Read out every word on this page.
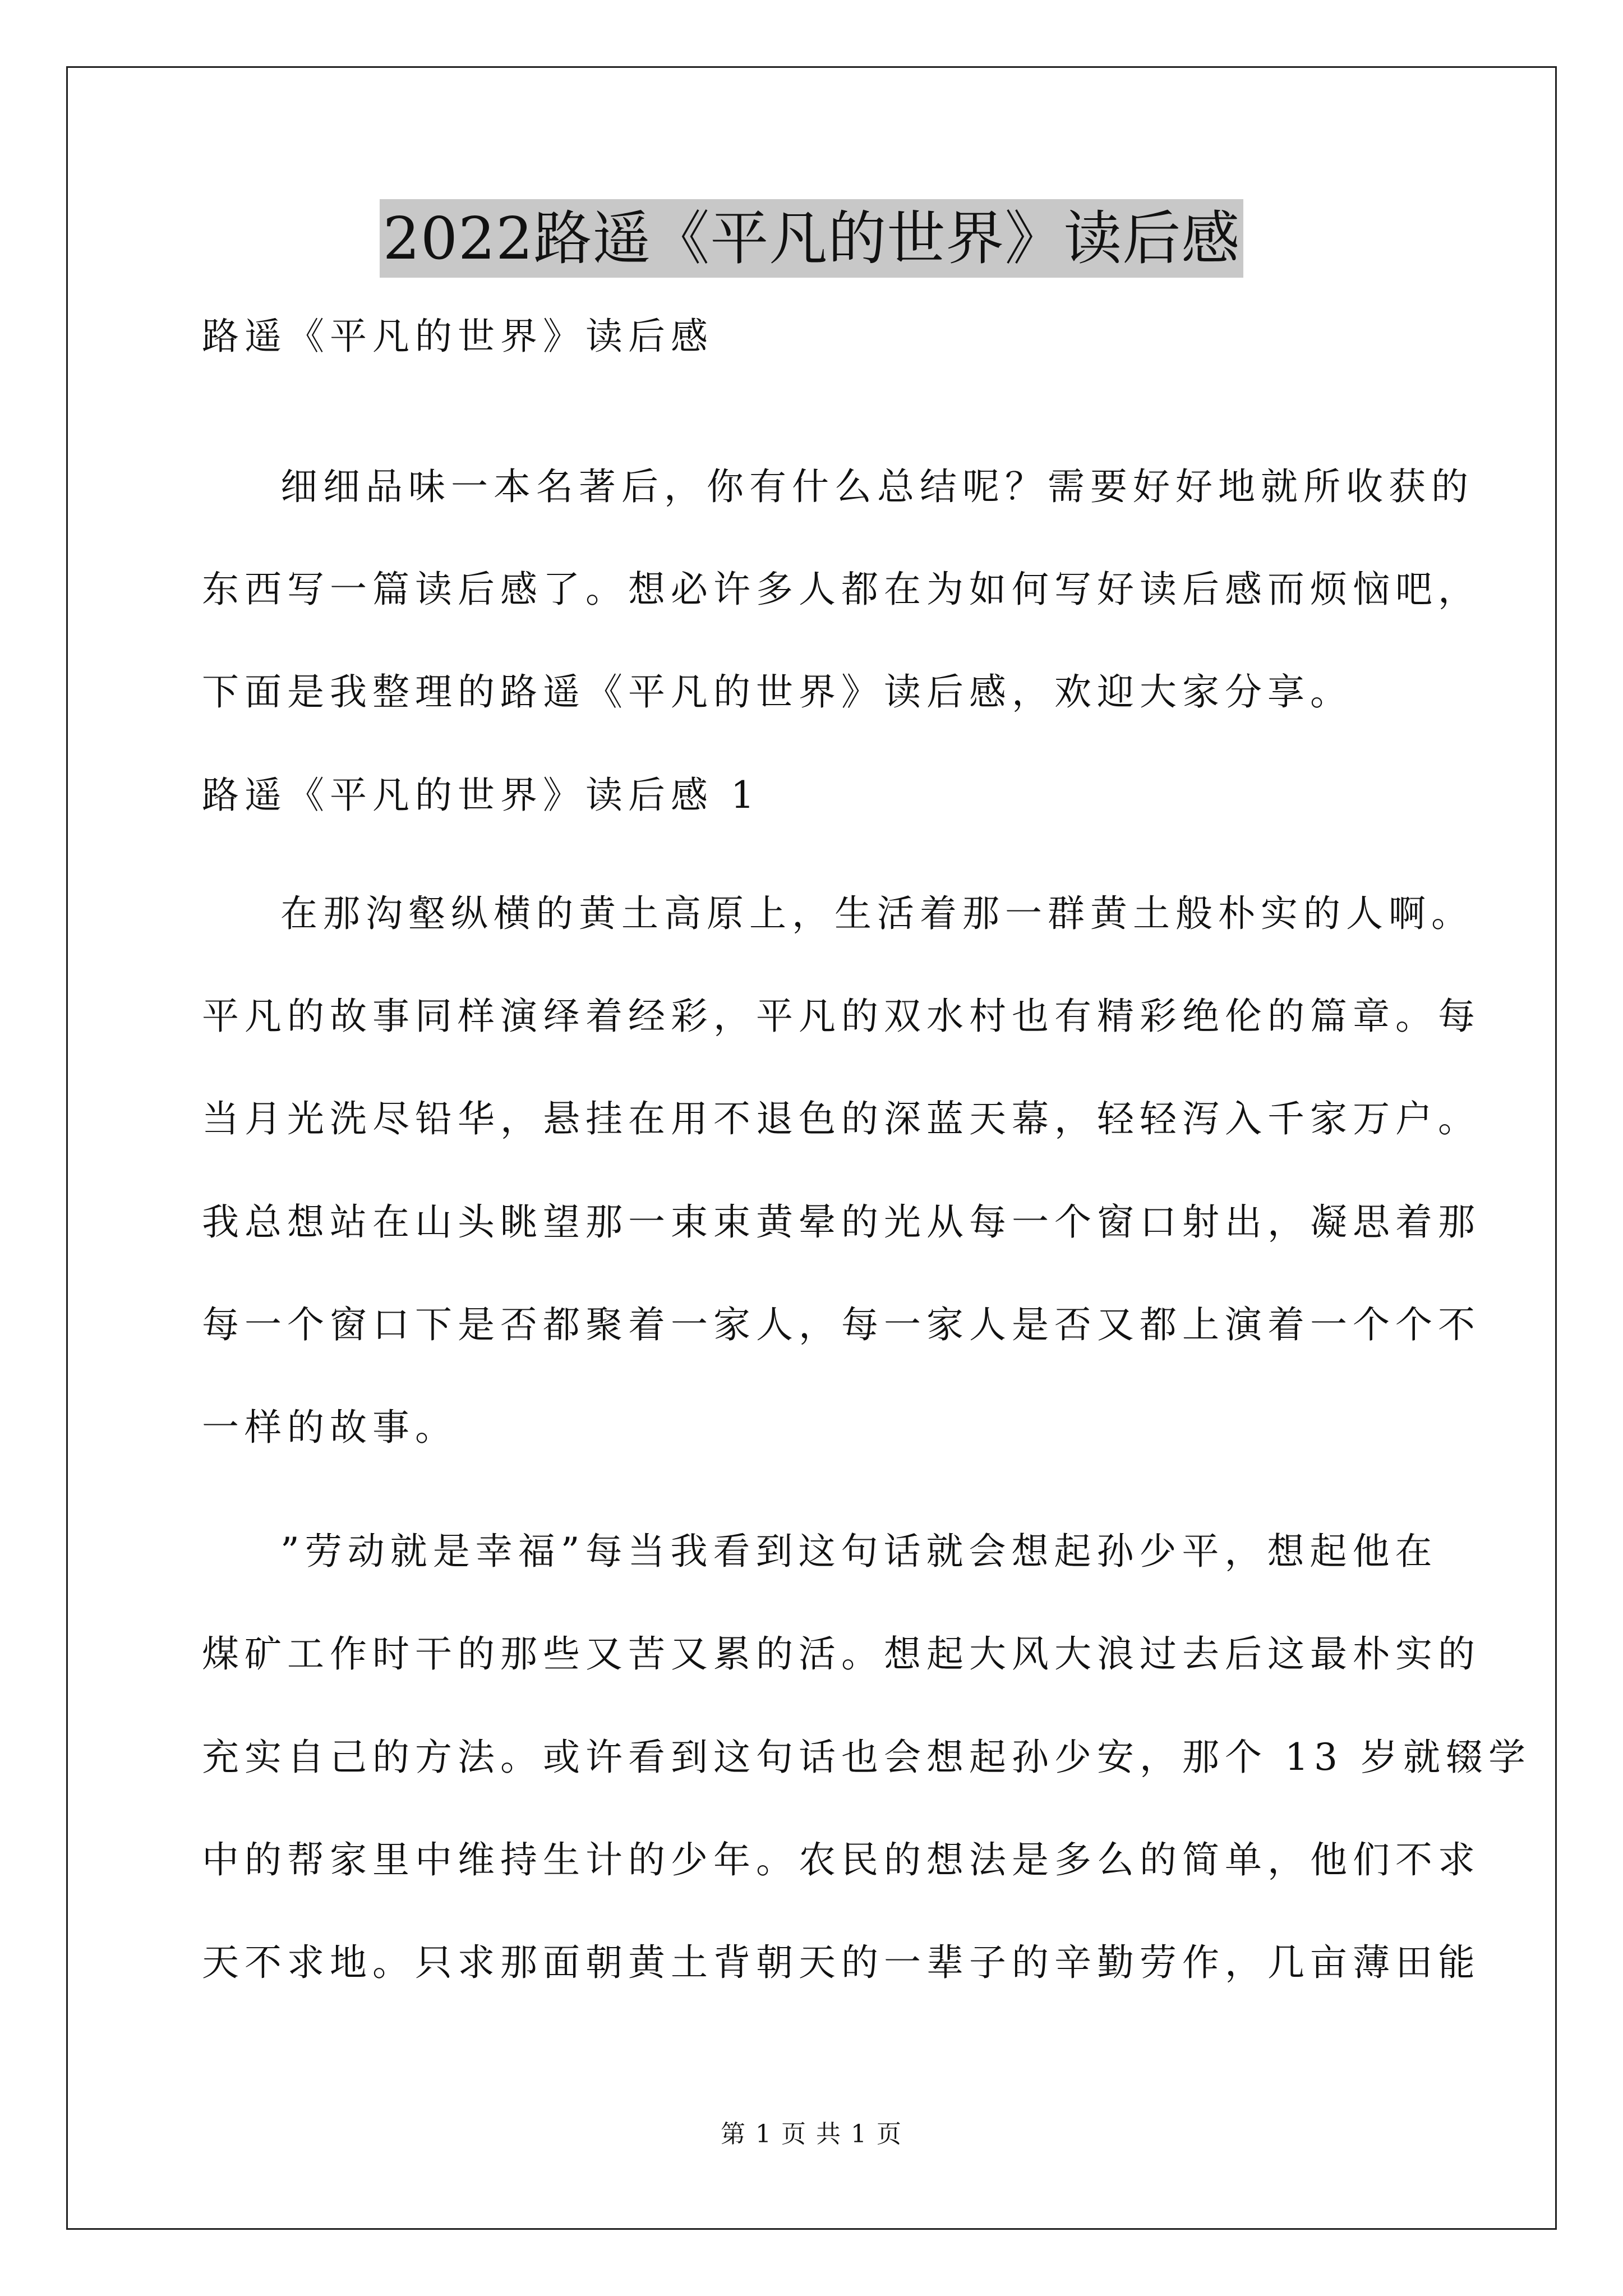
2022路遥《平凡的世界》读后感
路遥《平凡的世界》读后感
细细品味一本名著后，你有什么总结呢？需要好好地就所收获的
东西写一篇读后感了。想必许多人都在为如何写好读后感而烦恼吧，
下面是我整理的路遥《平凡的世界》读后感，欢迎大家分享。
路遥《平凡的世界》读后感 1
在那沟壑纵横的黄土高原上，生活着那一群黄土般朴实的人啊。
平凡的故事同样演绎着经彩，平凡的双水村也有精彩绝伦的篇章。每
当月光洗尽铅华，悬挂在用不退色的深蓝天幕，轻轻泻入千家万户。
我总想站在山头眺望那一束束黄晕的光从每一个窗口射出，凝思着那
每一个窗口下是否都聚着一家人，每一家人是否又都上演着一个个不
一样的故事。
”劳动就是幸福”每当我看到这句话就会想起孙少平，想起他在
煤矿工作时干的那些又苦又累的活。想起大风大浪过去后这最朴实的
充实自己的方法。或许看到这句话也会想起孙少安，那个 13 岁就辍学
中的帮家里中维持生计的少年。农民的想法是多么的简单，他们不求
天不求地。只求那面朝黄土背朝天的一辈子的辛勤劳作，几亩薄田能
第 1 页 共 1 页
